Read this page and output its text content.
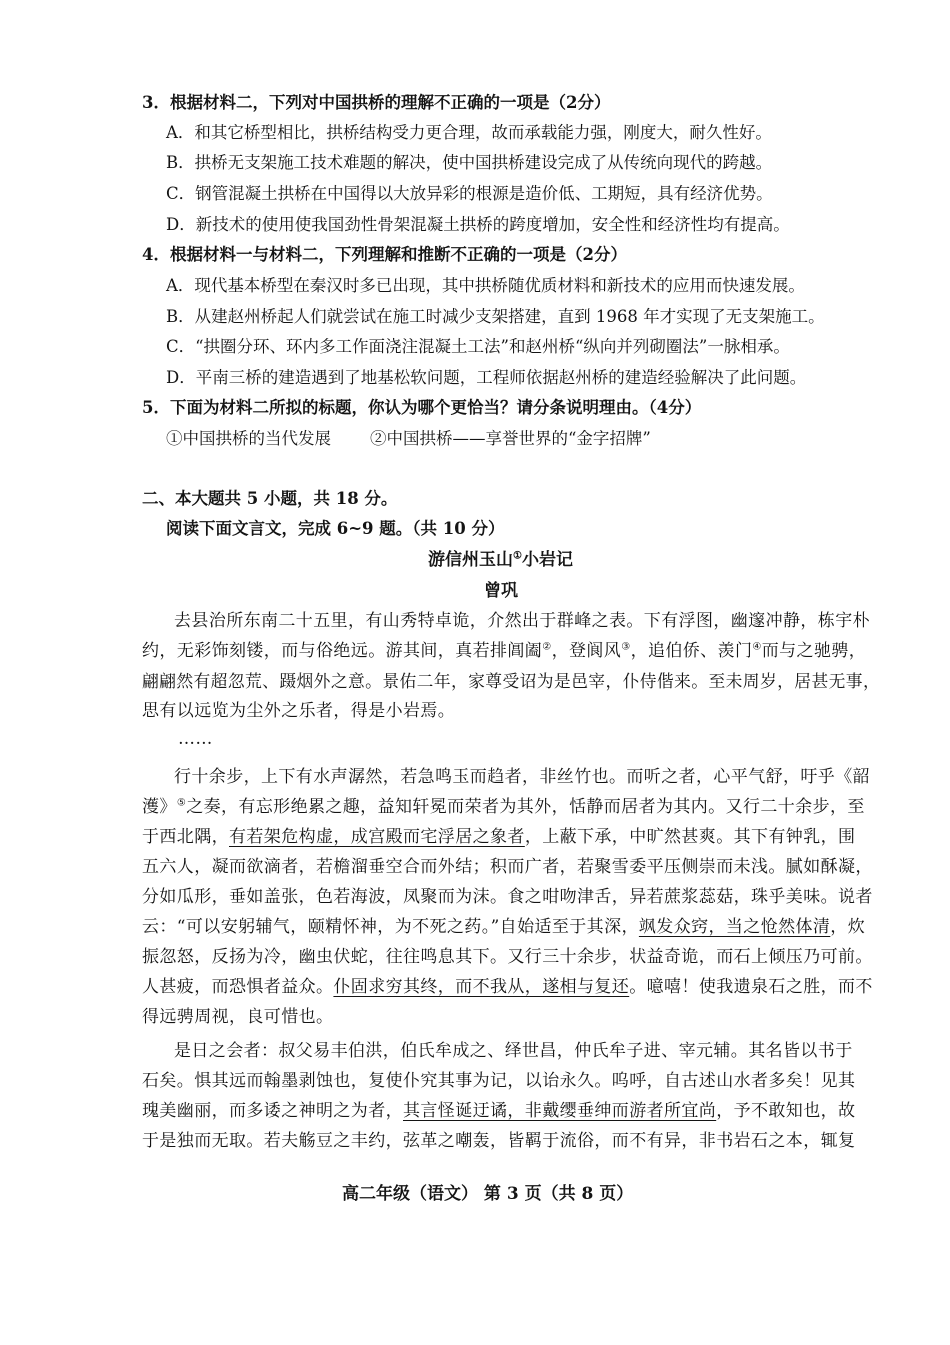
3．根据材料二，下列对中国拱桥的理解不正确的一项是（2分）
A．和其它桥型相比，拱桥结构受力更合理，故而承载能力强，刚度大，耐久性好。
B．拱桥无支架施工技术难题的解决，使中国拱桥建设完成了从传统向现代的跨越。
C．钢管混凝土拱桥在中国得以大放异彩的根源是造价低、工期短，具有经济优势。
D．新技术的使用使我国劲性骨架混凝土拱桥的跨度增加，安全性和经济性均有提高。
4．根据材料一与材料二，下列理解和推断不正确的一项是（2分）
A．现代基本桥型在秦汉时多已出现，其中拱桥随优质材料和新技术的应用而快速发展。
B．从建赵州桥起人们就尝试在施工时减少支架搭建，直到 1968 年才实现了无支架施工。
C．“拱圈分环、环内多工作面浇注混凝土工法”和赵州桥“纵向并列砌圈法”一脉相承。
D．平南三桥的建造遇到了地基松软问题，工程师依据赵州桥的建造经验解决了此问题。
5．下面为材料二所拟的标题，你认为哪个更恰当？请分条说明理由。（4分）
①中国拱桥的当代发展 ②中国拱桥——享誉世界的“金字招牌”
二、本大题共 5 小题，共 18 分。
阅读下面文言文，完成 6~9 题。（共 10 分）
游信州玉山①小岩记
曾巩
去县治所东南二十五里，有山秀特卓诡，介然出于群峰之表。下有浮图，幽邃冲静，栋宇朴
约，无彩饰刻镂，而与俗绝远。游其间，真若排阊阖②，登阆风③，追伯侨、羡门④而与之驰骋，
翩翩然有超忽荒、蹑烟外之意。景佑二年，家尊受诏为是邑宰，仆侍偕来。至未周岁，居甚无事，
思有以远览为尘外之乐者，得是小岩焉。
……
行十余步，上下有水声潺然，若急鸣玉而趋者，非丝竹也。而听之者，心平气舒，吁乎《韶
濩》⑤之奏，有忘形绝累之趣，益知轩冕而荣者为其外，恬静而居者为其内。又行二十余步，至
于西北隅，有若架危构虚，成宫殿而宅浮居之象者，上蔽下承，中旷然甚爽。其下有钟乳，围
五六人，凝而欲滴者，若檐溜垂空合而外结；积而广者，若聚雪委平压侧崇而未浅。腻如酥凝，
分如瓜形，垂如盖张，色若海波，凤聚而为沫。食之咁吻津舌，异若蔗浆蕊菇，珠乎美味。说者
云：“可以安躬辅气，颐精怀神，为不死之药。”自始适至于其深，飒发众窍，当之怆然体清，炊
振忽怒，反扬为冷，幽虫伏蛇，往往鸣息其下。又行三十余步，状益奇诡，而石上倾压乃可前。
人甚疲，而恐惧者益众。仆固求穷其终，而不我从，遂相与复还。噫嘻！使我遗泉石之胜，而不
得远骋周视，良可惜也。
是日之会者：叔父易丰伯洪，伯氏牟成之、绎世昌，仲氏牟子进、宰元辅。其名皆以书于
石矣。惧其远而翰墨剥蚀也，复使仆究其事为记，以诒永久。呜呼，自古述山水者多矣！见其
瑰美幽丽，而多诿之神明之为者，其言怪诞迂谲，非戴缨垂绅而游者所宜尚，予不敢知也，故
于是独而无取。若夫觞豆之丰约，弦革之嘲轰，皆羁于流俗，而不有异，非书岩石之本，辄复
高二年级（语文） 第 3 页（共 8 页）
